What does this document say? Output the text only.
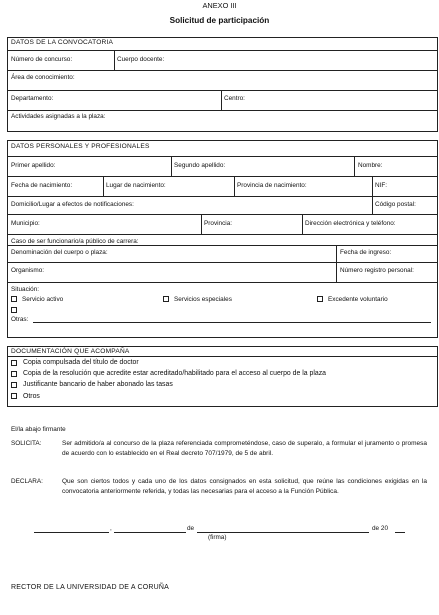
ANEXO III
Solicitud de participación
DATOS DE LA CONVOCATORIA
Número de concurso:	Cuerpo docente:
Área de conocimiento:
Departamento:	Centro:
Actividades asignadas a la plaza:
DATOS PERSONALES Y PROFESIONALES
Primer apellido:	Segundo apellido:	Nombre:
Fecha de nacimiento:	Lugar de nacimiento:	Provincia de nacimiento:	NIF:
Domicilio/Lugar a efectos de notificaciones:	Código postal:
Municipio:	Provincia:	Dirección electrónica y teléfono:
Caso de ser funcionario/a público de carrera:
Denominación del cuerpo o plaza:	Fecha de ingreso:
Organismo:	Número registro personal:
Situación:
Servicio activo	Servicios especiales	Excedente voluntario
Otras:
DOCUMENTACIÓN QUE ACOMPAÑA
Copia compulsada del título de doctor
Copia de la resolución que acredite estar acreditado/habilitado para el acceso al cuerpo de la plaza
Justificante bancario de haber abonado las tasas
Otros
El/la abajo firmante
SOLICITA:	Ser admitido/a al concurso de la plaza referenciada comprometéndose, caso de superalo, a formular el juramento o promesa de acuerdo con lo establecido en el Real decreto 707/1979, de 5 de abril.
DECLARA:	Que son ciertos todos y cada uno de los datos consignados en esta solicitud, que reúne las condiciones exigidas en la convocatoria anteriormente referida, y todas las necesarias para el acceso a la Función Pública.
,	de	de 20
(firma)
RECTOR DE LA UNIVERSIDAD DE A CORUÑA
